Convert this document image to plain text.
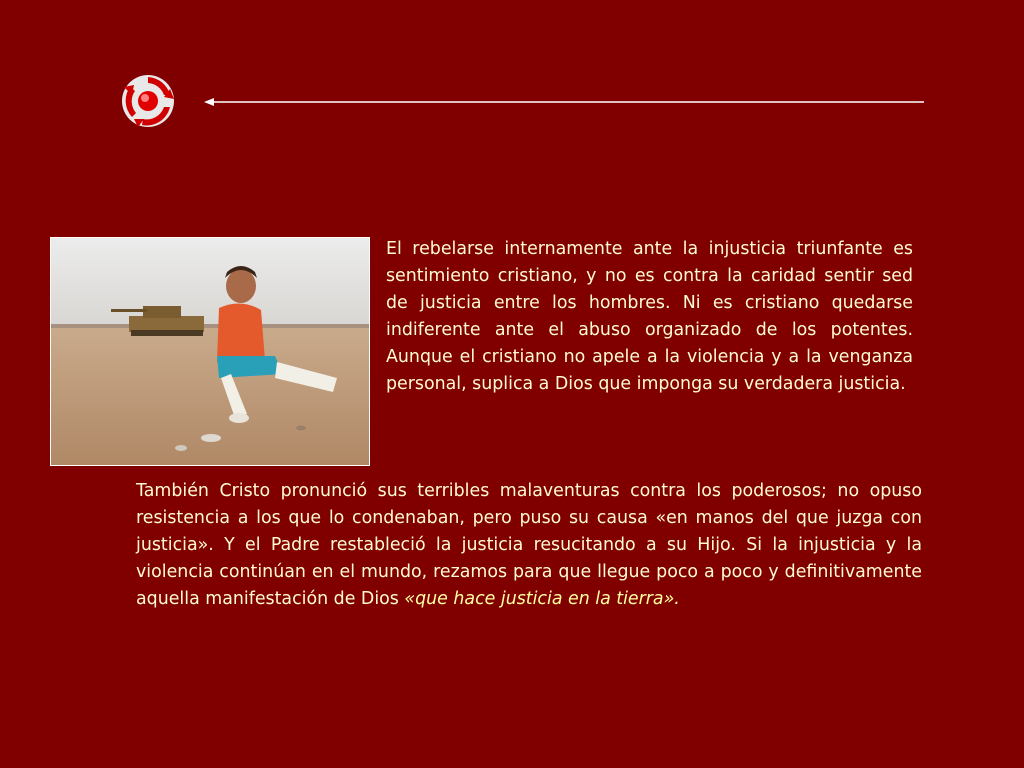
El rebelarse internamente ante la injusticia triunfante es sentimiento cristiano, y no es contra la caridad sentir sed de justicia entre los hombres. Ni es cristiano quedarse indiferente ante el abuso organizado de los potentes. Aunque el cristiano no apele a la violencia y a la venganza personal, suplica a Dios que imponga su verdadera justicia.

También Cristo pronunció sus terribles malaventuras contra los poderosos; no opuso resistencia a los que lo condenaban, pero puso su causa «en manos del que juzga con justicia». Y el Padre restableció la justicia resucitando a su Hijo. Si la injusticia y la violencia continúan en el mundo, rezamos para que llegue poco a poco y definitivamente aquella manifestación de Dios «que hace justicia en la tierra».
